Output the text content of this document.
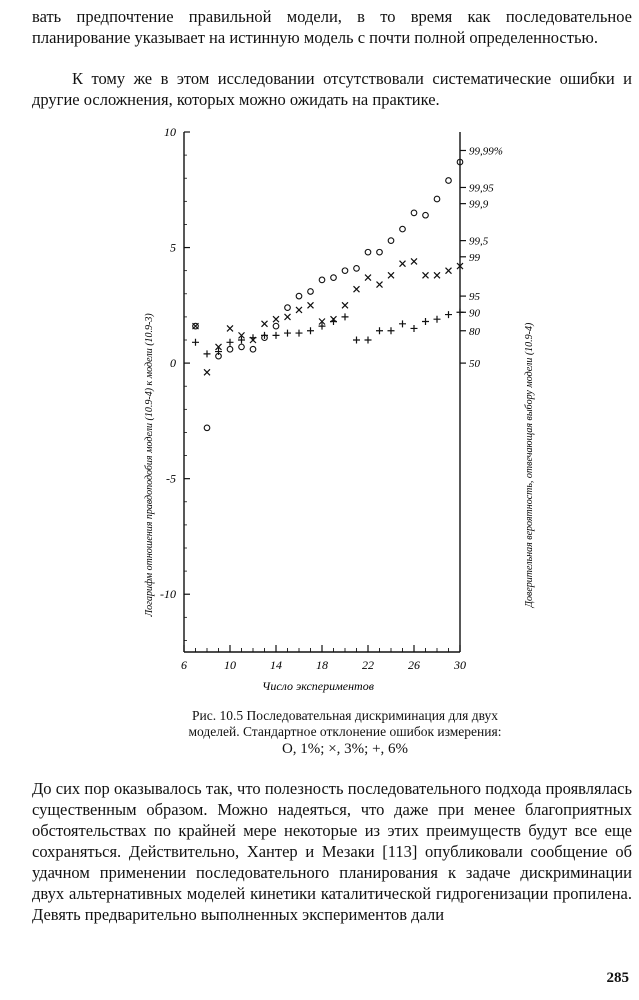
вать предпочтение правильной модели, в то время как последовательное планирование указывает на истинную модель с почти полной определенностью.
К тому же в этом исследовании отсутствовали систематические ошибки и другие осложнения, которых можно ожидать на практике.
6	10	14	18	22	26	30
10
5
0
-5
-10
99,99%
99,95
99,9
99,5
99
95
90
80
50
Логарифм отношения правдоподобия модели (10.9-4) к модели (10.9-3)	Доверительная вероятность, отвечающая выбору модели (10.9-4)
Число экспериментов
Рис. 10.5 Последовательная дискриминация для двух
моделей. Стандартное отклонение ошибок измерения:
О, 1%; ×, 3%; +, 6%
До сих пор оказывалось так, что полезность последовательного подхода проявлялась существенным образом. Можно надеяться, что даже при менее благоприятных обстоятельствах по крайней мере некоторые из этих преимуществ будут все еще сохраняться. Действительно, Хантер и Мезаки [113] опубликовали сообщение об удачном применении последовательного планирования к задаче дискриминации двух альтернативных моделей кинетики каталитической гидрогенизации пропилена. Девять предварительно выполненных экспериментов дали
285
